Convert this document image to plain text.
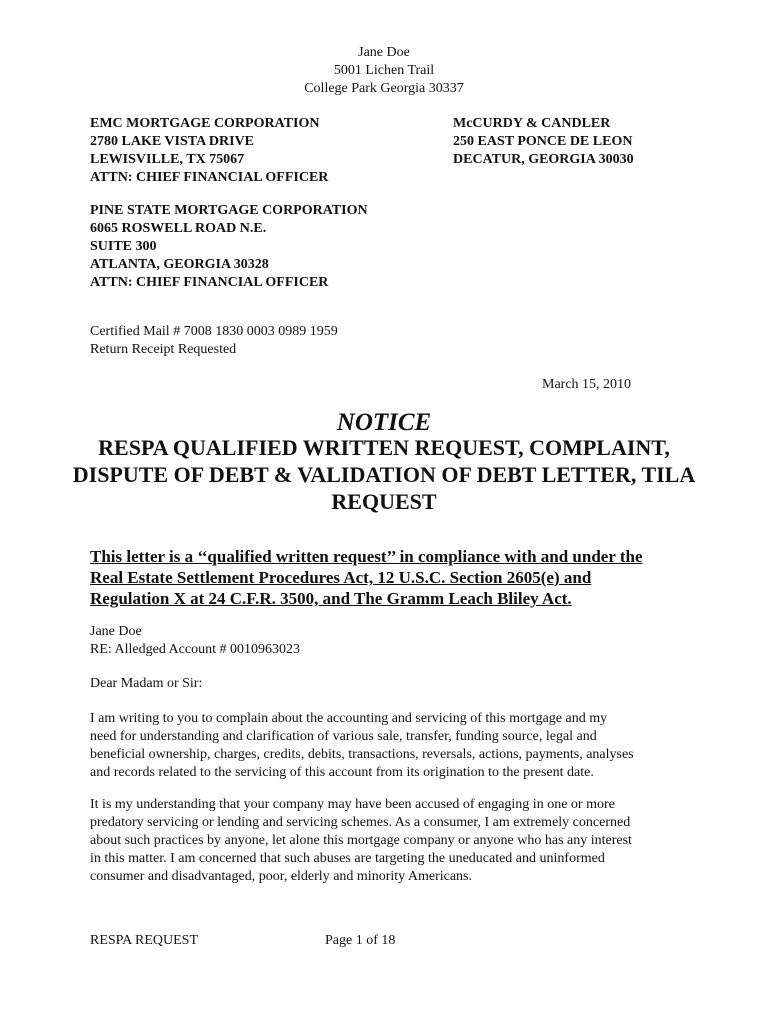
Jane Doe
5001 Lichen Trail
College Park Georgia 30337
EMC MORTGAGE CORPORATION
2780 LAKE VISTA DRIVE
LEWISVILLE, TX 75067
ATTN: CHIEF FINANCIAL OFFICER
McCURDY & CANDLER
250 EAST PONCE DE LEON
DECATUR, GEORGIA 30030
PINE STATE MORTGAGE CORPORATION
6065 ROSWELL ROAD N.E.
SUITE 300
ATLANTA, GEORGIA 30328
ATTN: CHIEF FINANCIAL OFFICER
Certified Mail # 7008 1830 0003 0989 1959
Return Receipt Requested
March 15, 2010
NOTICE
RESPA QUALIFIED WRITTEN REQUEST, COMPLAINT, DISPUTE OF DEBT & VALIDATION OF DEBT LETTER, TILA REQUEST
This letter is a ‘‘qualified written request’’ in compliance with and under the
Real Estate Settlement Procedures Act, 12 U.S.C. Section 2605(e) and
Regulation X at 24 C.F.R. 3500, and The Gramm Leach Bliley Act.
Jane Doe
RE: Alledged Account # 0010963023
Dear Madam or Sir:
I am writing to you to complain about the accounting and servicing of this mortgage and my
need for understanding and clarification of various sale, transfer, funding source, legal and
beneficial ownership, charges, credits, debits, transactions, reversals, actions, payments, analyses
and records related to the servicing of this account from its origination to the present date.
It is my understanding that your company may have been accused of engaging in one or more
predatory servicing or lending and servicing schemes. As a consumer, I am extremely concerned
about such practices by anyone, let alone this mortgage company or anyone who has any interest
in this matter. I am concerned that such abuses are targeting the uneducated and uninformed
consumer and disadvantaged, poor, elderly and minority Americans.
RESPA REQUEST	Page 1 of 18
